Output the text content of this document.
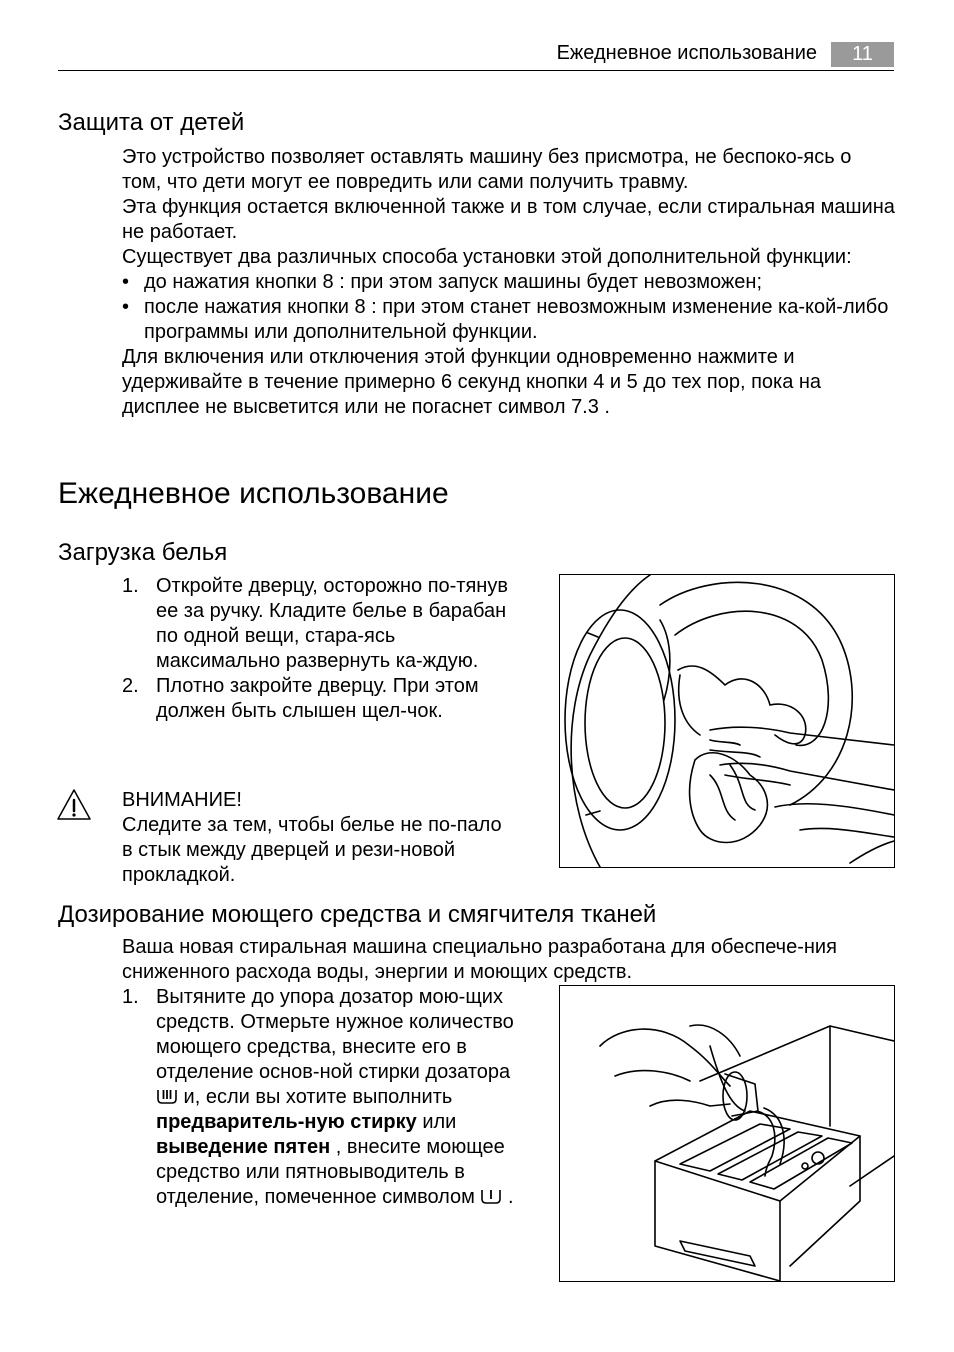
Ежедневное использование	11
Защита от детей

Это устройство позволяет оставлять машину без присмотра, не беспоко-ясь о том, что дети могут ее повредить или сами получить травму.

Эта функция остается включенной также и в том случае, если стиральная машина не работает.

Существует два различных способа установки этой дополнительной функции:

• до нажатия кнопки 8 : при этом запуск машины будет невозможен;
• после нажатия кнопки 8 : при этом станет невозможным изменение ка-кой-либо программы или дополнительной функции.

Для включения или отключения этой функции одновременно нажмите и удерживайте в течение примерно 6 секунд кнопки 4 и 5 до тех пор, пока на дисплее не высветится или не погаснет символ 7.3 .

Ежедневное использование
Загрузка белья
1. Откройте дверцу, осторожно по-тянув ее за ручку. Кладите белье в барабан по одной вещи, стара-ясь максимально развернуть ка-ждую.
2. Плотно закройте дверцу. При этом должен быть слышен щел-чок.

ВНИМАНИЕ!

Следите за тем, чтобы белье не по-пало в стык между дверцей и рези-новой прокладкой.

Дозирование моющего средства и смягчителя тканей
Ваша новая стиральная машина специально разработана для обеспече-ния сниженного расхода воды, энергии и моющих средств.
1. Вытяните до упора дозатор мою-щих средств. Отмерьте нужное количество моющего средства, внесите его в отделение основ-ной стирки дозатора  и, если вы хотите выполнить предваритель-ную стирку или выведение пятен , внесите моющее средство или пятновыводитель в отделение, помеченное символом  .
